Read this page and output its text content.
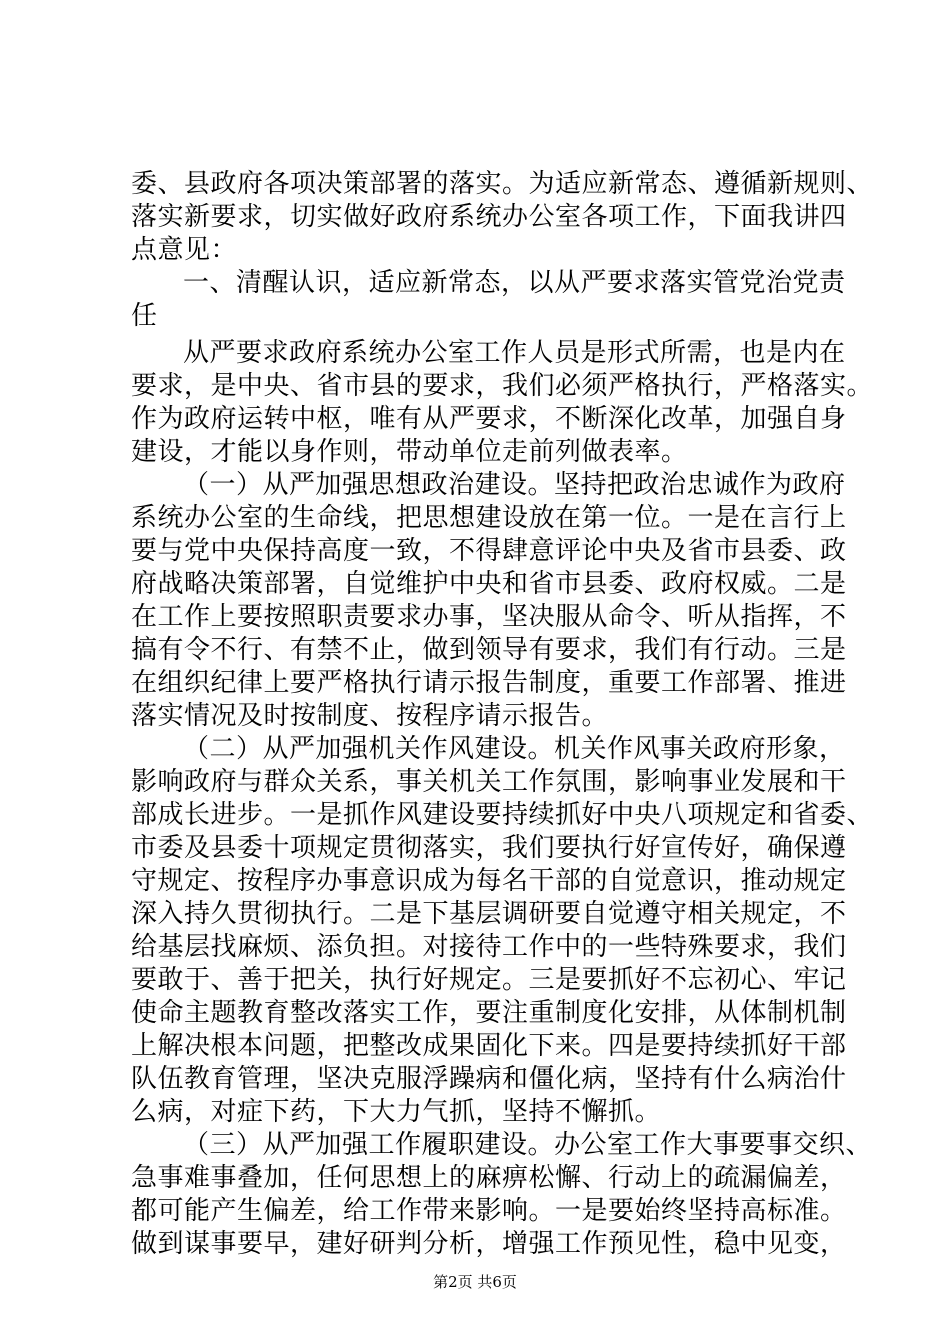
委、县政府各项决策部署的落实。为适应新常态、遵循新规则、
落实新要求，切实做好政府系统办公室各项工作，下面我讲四
点意见：
一、清醒认识，适应新常态，以从严要求落实管党治党责
任
从严要求政府系统办公室工作人员是形式所需，也是内在
要求，是中央、省市县的要求，我们必须严格执行，严格落实。
作为政府运转中枢，唯有从严要求，不断深化改革，加强自身
建设，才能以身作则，带动单位走前列做表率。
（一）从严加强思想政治建设。坚持把政治忠诚作为政府
系统办公室的生命线，把思想建设放在第一位。一是在言行上
要与党中央保持高度一致，不得肆意评论中央及省市县委、政
府战略决策部署，自觉维护中央和省市县委、政府权威。二是
在工作上要按照职责要求办事，坚决服从命令、听从指挥，不
搞有令不行、有禁不止，做到领导有要求，我们有行动。三是
在组织纪律上要严格执行请示报告制度，重要工作部署、推进
落实情况及时按制度、按程序请示报告。
（二）从严加强机关作风建设。机关作风事关政府形象，
影响政府与群众关系，事关机关工作氛围，影响事业发展和干
部成长进步。一是抓作风建设要持续抓好中央八项规定和省委、
市委及县委十项规定贯彻落实，我们要执行好宣传好，确保遵
守规定、按程序办事意识成为每名干部的自觉意识，推动规定
深入持久贯彻执行。二是下基层调研要自觉遵守相关规定，不
给基层找麻烦、添负担。对接待工作中的一些特殊要求，我们
要敢于、善于把关，执行好规定。三是要抓好不忘初心、牢记
使命主题教育整改落实工作，要注重制度化安排，从体制机制
上解决根本问题，把整改成果固化下来。四是要持续抓好干部
队伍教育管理，坚决克服浮躁病和僵化病，坚持有什么病治什
么病，对症下药，下大力气抓，坚持不懈抓。
（三）从严加强工作履职建设。办公室工作大事要事交织、
急事难事叠加，任何思想上的麻痹松懈、行动上的疏漏偏差，
都可能产生偏差，给工作带来影响。一是要始终坚持高标准。
做到谋事要早，建好研判分析，增强工作预见性，稳中见变，
第2页 共6页
